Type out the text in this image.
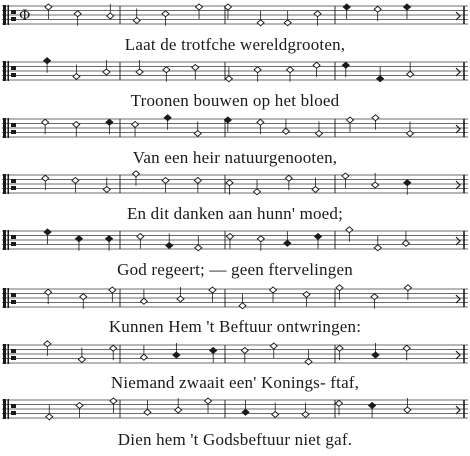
Φ
Laat de trotfche wereldgrooten,
Troonen bouwen op het bloed
Van een heir natuurgenooten,
En dit danken aan hunn' moed;
God regeert; — geen ftervelingen
Kunnen Hem 't Beftuur ontwringen:
Niemand zwaait een' Konings- ftaf,
Dien hem 't Godsbeftuur niet gaf.
